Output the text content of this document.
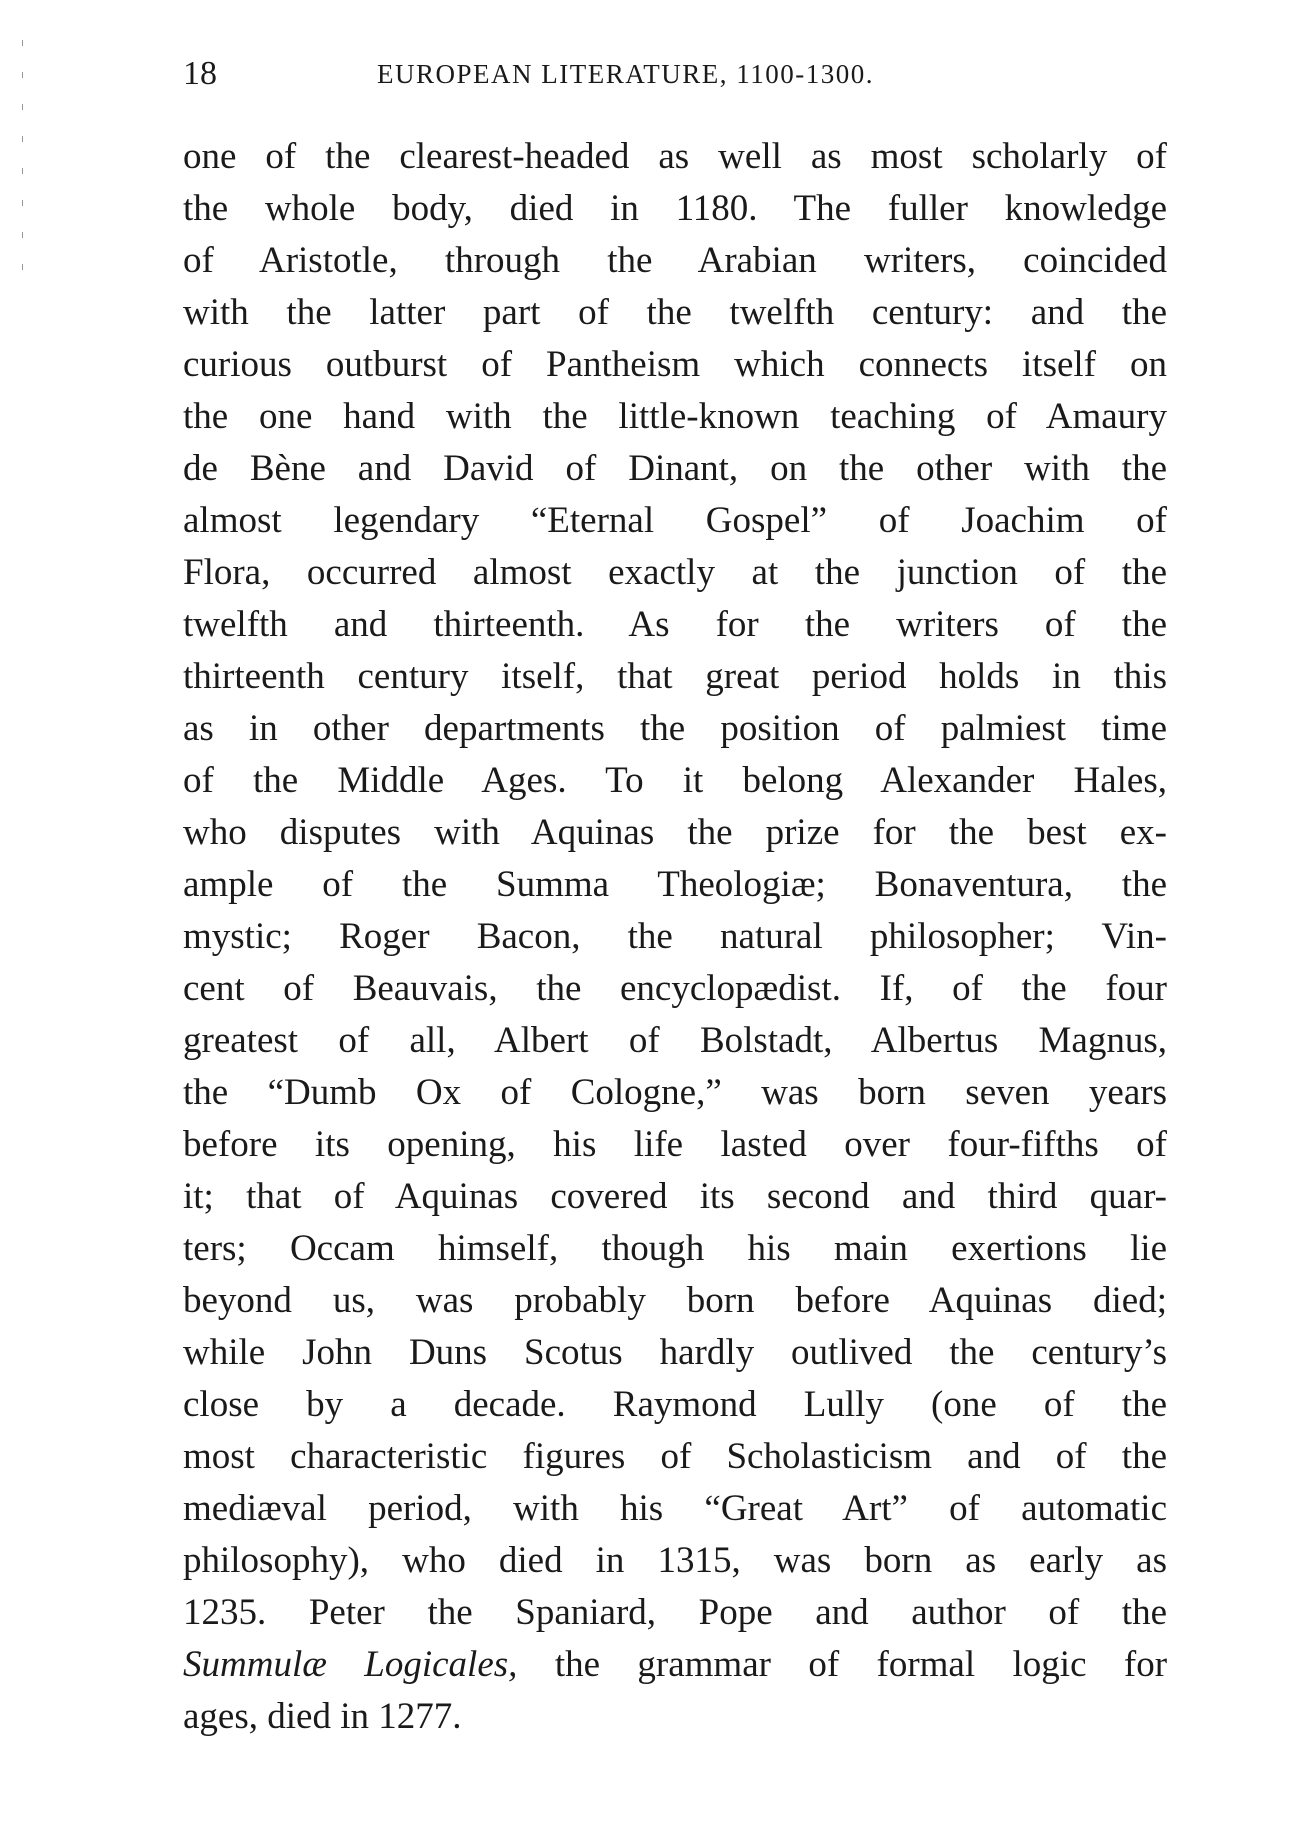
18	EUROPEAN LITERATURE, 1100-1300.
one of the clearest-headed as well as most scholarly of
the whole body, died in 1180. The fuller knowledge
of Aristotle, through the Arabian writers, coincided
with the latter part of the twelfth century: and the
curious outburst of Pantheism which connects itself on
the one hand with the little-known teaching of Amaury
de Bène and David of Dinant, on the other with the
almost legendary “Eternal Gospel” of Joachim of
Flora, occurred almost exactly at the junction of the
twelfth and thirteenth. As for the writers of the
thirteenth century itself, that great period holds in this
as in other departments the position of palmiest time
of the Middle Ages. To it belong Alexander Hales,
who disputes with Aquinas the prize for the best ex-
ample of the Summa Theologiæ; Bonaventura, the
mystic; Roger Bacon, the natural philosopher; Vin-
cent of Beauvais, the encyclopædist. If, of the four
greatest of all, Albert of Bolstadt, Albertus Magnus,
the “Dumb Ox of Cologne,” was born seven years
before its opening, his life lasted over four-fifths of
it; that of Aquinas covered its second and third quar-
ters; Occam himself, though his main exertions lie
beyond us, was probably born before Aquinas died;
while John Duns Scotus hardly outlived the century’s
close by a decade. Raymond Lully (one of the
most characteristic figures of Scholasticism and of the
mediæval period, with his “Great Art” of automatic
philosophy), who died in 1315, was born as early as
1235. Peter the Spaniard, Pope and author of the
Summulæ Logicales, the grammar of formal logic for
ages, died in 1277.
